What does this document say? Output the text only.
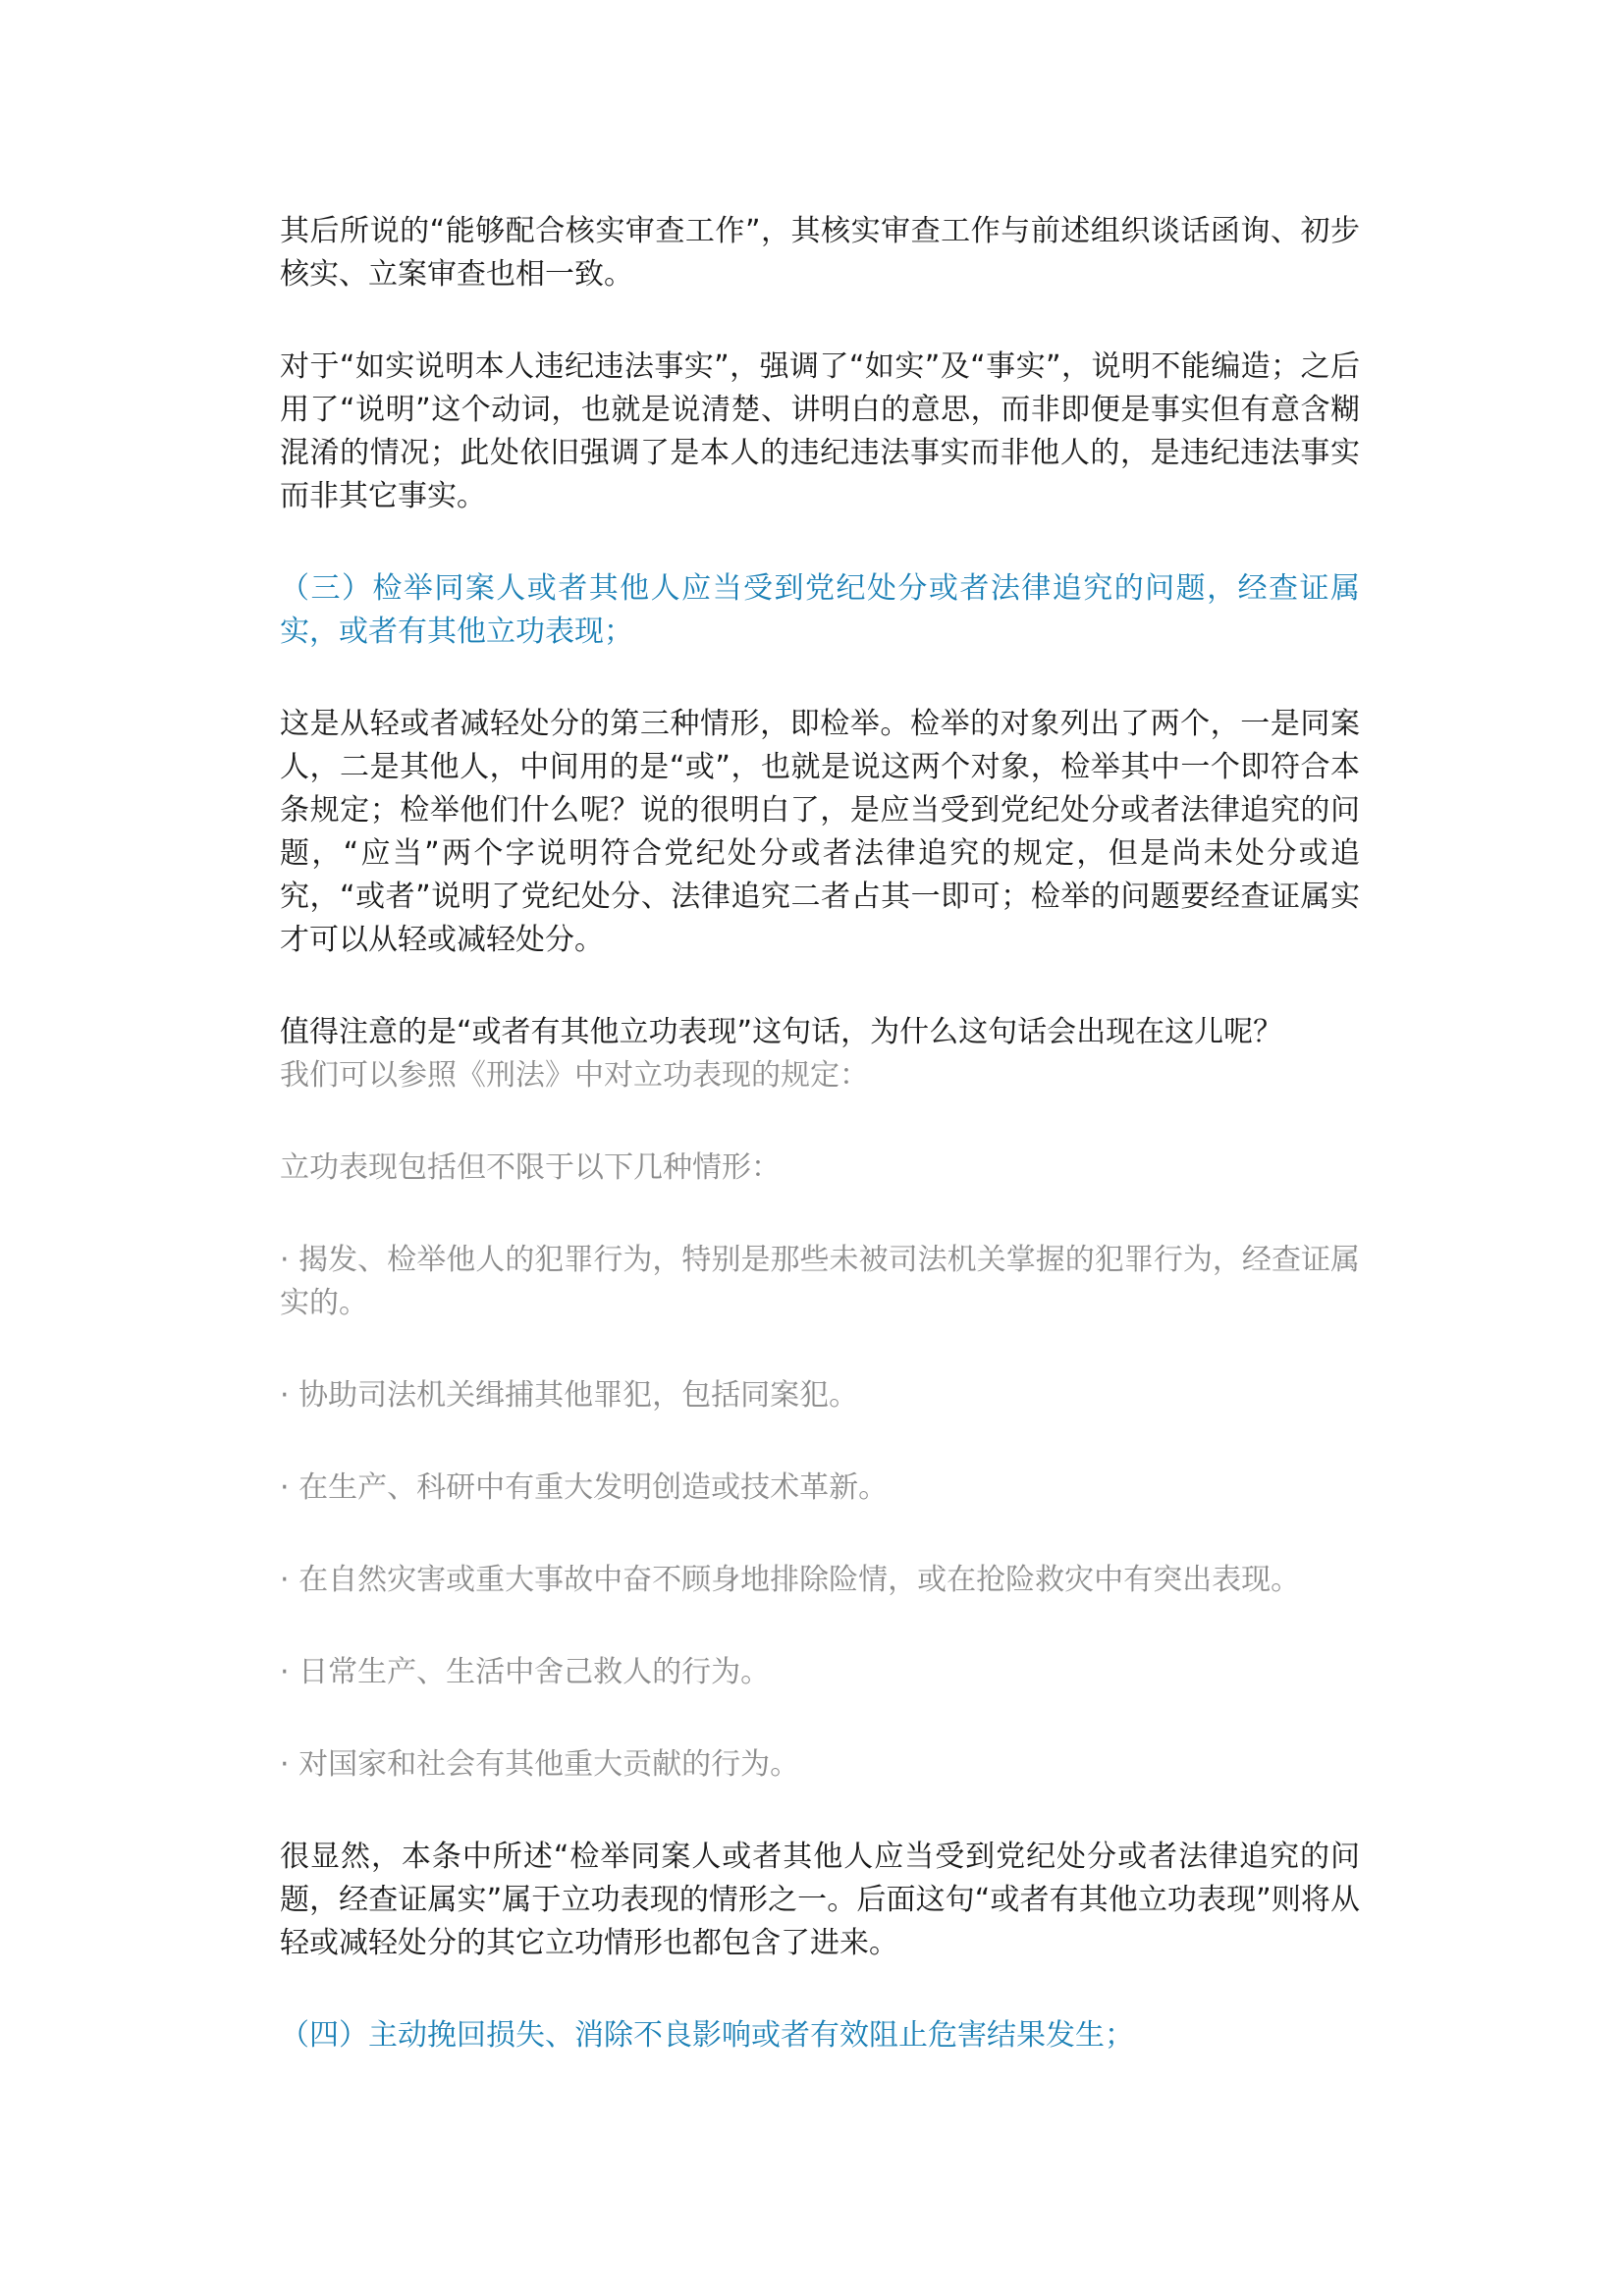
其后所说的“能够配合核实审查工作”，其核实审查工作与前述组织谈话函询、初步核实、立案审查也相一致。

对于“如实说明本人违纪违法事实”，强调了“如实”及“事实”，说明不能编造；之后用了“说明”这个动词，也就是说清楚、讲明白的意思，而非即便是事实但有意含糊混淆的情况；此处依旧强调了是本人的违纪违法事实而非他人的，是违纪违法事实而非其它事实。

（三）检举同案人或者其他人应当受到党纪处分或者法律追究的问题，经查证属实，或者有其他立功表现；

这是从轻或者减轻处分的第三种情形，即检举。检举的对象列出了两个，一是同案人，二是其他人，中间用的是“或”，也就是说这两个对象，检举其中一个即符合本条规定；检举他们什么呢？说的很明白了，是应当受到党纪处分或者法律追究的问题，“应当”两个字说明符合党纪处分或者法律追究的规定，但是尚未处分或追究，“或者”说明了党纪处分、法律追究二者占其一即可；检举的问题要经查证属实才可以从轻或减轻处分。

值得注意的是“或者有其他立功表现”这句话，为什么这句话会出现在这儿呢？

我们可以参照《刑法》中对立功表现的规定：

立功表现包括但不限于以下几种情形：

· 揭发、检举他人的犯罪行为，特别是那些未被司法机关掌握的犯罪行为，经查证属实的。

· 协助司法机关缉捕其他罪犯，包括同案犯。

· 在生产、科研中有重大发明创造或技术革新。

· 在自然灾害或重大事故中奋不顾身地排除险情，或在抢险救灾中有突出表现。

· 日常生产、生活中舍己救人的行为。

· 对国家和社会有其他重大贡献的行为。

很显然，本条中所述“检举同案人或者其他人应当受到党纪处分或者法律追究的问题，经查证属实”属于立功表现的情形之一。后面这句“或者有其他立功表现”则将从轻或减轻处分的其它立功情形也都包含了进来。

（四）主动挽回损失、消除不良影响或者有效阻止危害结果发生；
